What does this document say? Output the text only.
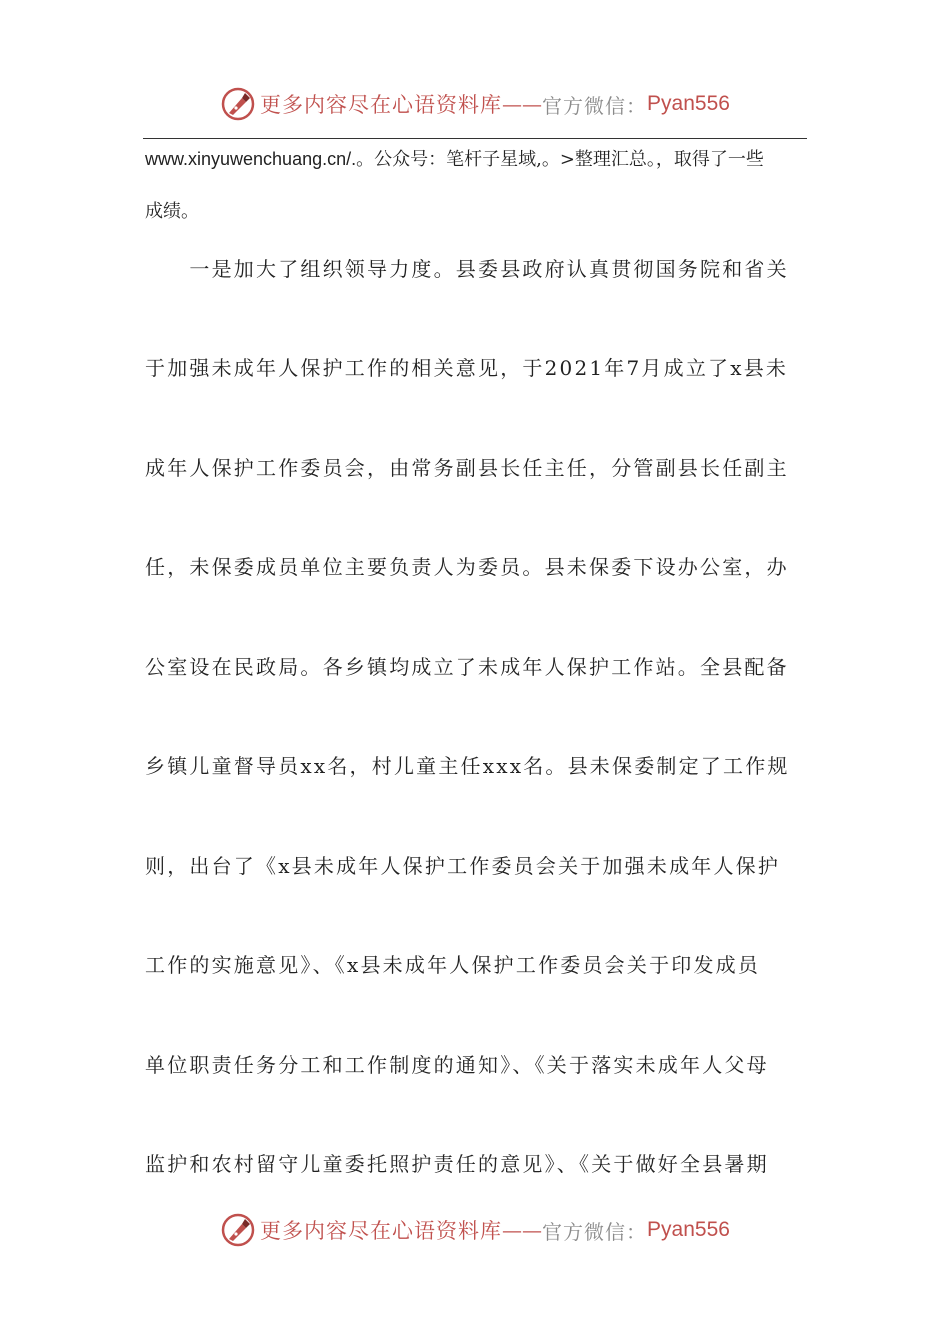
更多内容尽在心语资料库 —— 官方微信： Pyan556

www.xinyuwenchuang.cn/.。公众号：笔杆子星域,。>整理汇总。，取得了一些

成绩。

　　一是加大了组织领导力度。县委县政府认真贯彻国务院和省关
于加强未成年人保护工作的相关意见，于2021年7月成立了x县未
成年人保护工作委员会，由常务副县长任主任，分管副县长任副主
任，未保委成员单位主要负责人为委员。县未保委下设办公室，办
公室设在民政局。各乡镇均成立了未成年人保护工作站。全县配备
乡镇儿童督导员xx名，村儿童主任xxx名。县未保委制定了工作规
则，出台了《x县未成年人保护工作委员会关于加强未成年人保护
工作的实施意见》、《x县未成年人保护工作委员会关于印发成员
单位职责任务分工和工作制度的通知》、《关于落实未成年人父母
监护和农村留守儿童委托照护责任的意见》、《关于做好全县暑期
更多内容尽在心语资料库 —— 官方微信： Pyan556
